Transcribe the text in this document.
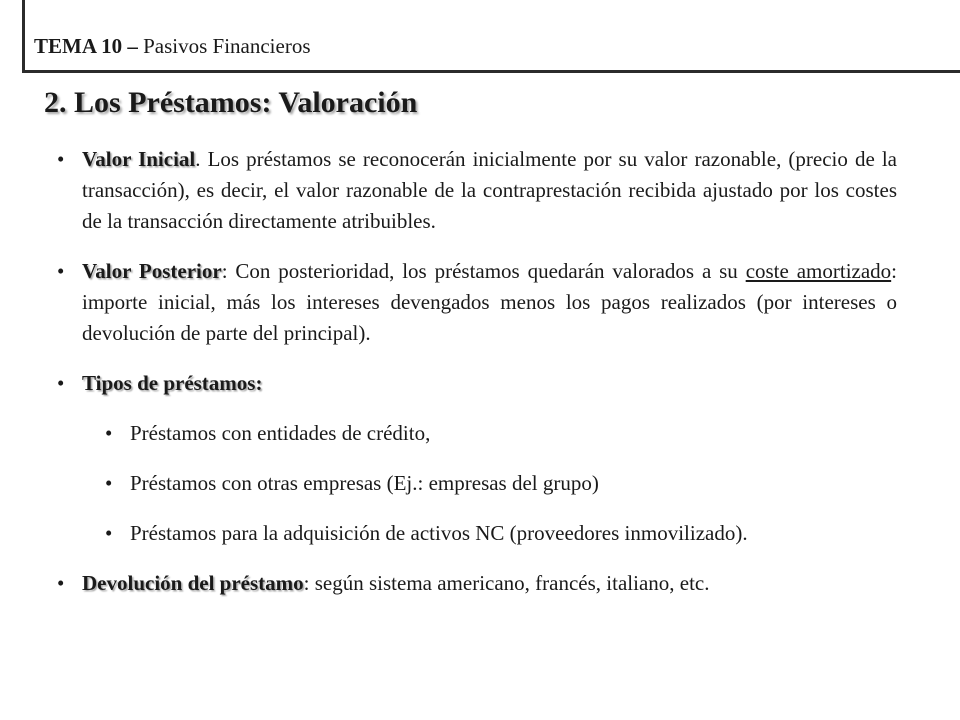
TEMA 10 – Pasivos Financieros
2. Los Préstamos: Valoración
• Valor Inicial. Los préstamos se reconocerán inicialmente por su valor razonable, (precio de la transacción), es decir, el valor razonable de la contraprestación recibida ajustado por los costes de la transacción directamente atribuibles.
• Valor Posterior: Con posterioridad, los préstamos quedarán valorados a su coste amortizado: importe inicial, más los intereses devengados menos los pagos realizados (por intereses o devolución de parte del principal).
• Tipos de préstamos:
• Préstamos con entidades de crédito,
• Préstamos con otras empresas (Ej.: empresas del grupo)
• Préstamos para la adquisición de activos NC (proveedores inmovilizado).
• Devolución del préstamo: según sistema americano, francés, italiano, etc.
